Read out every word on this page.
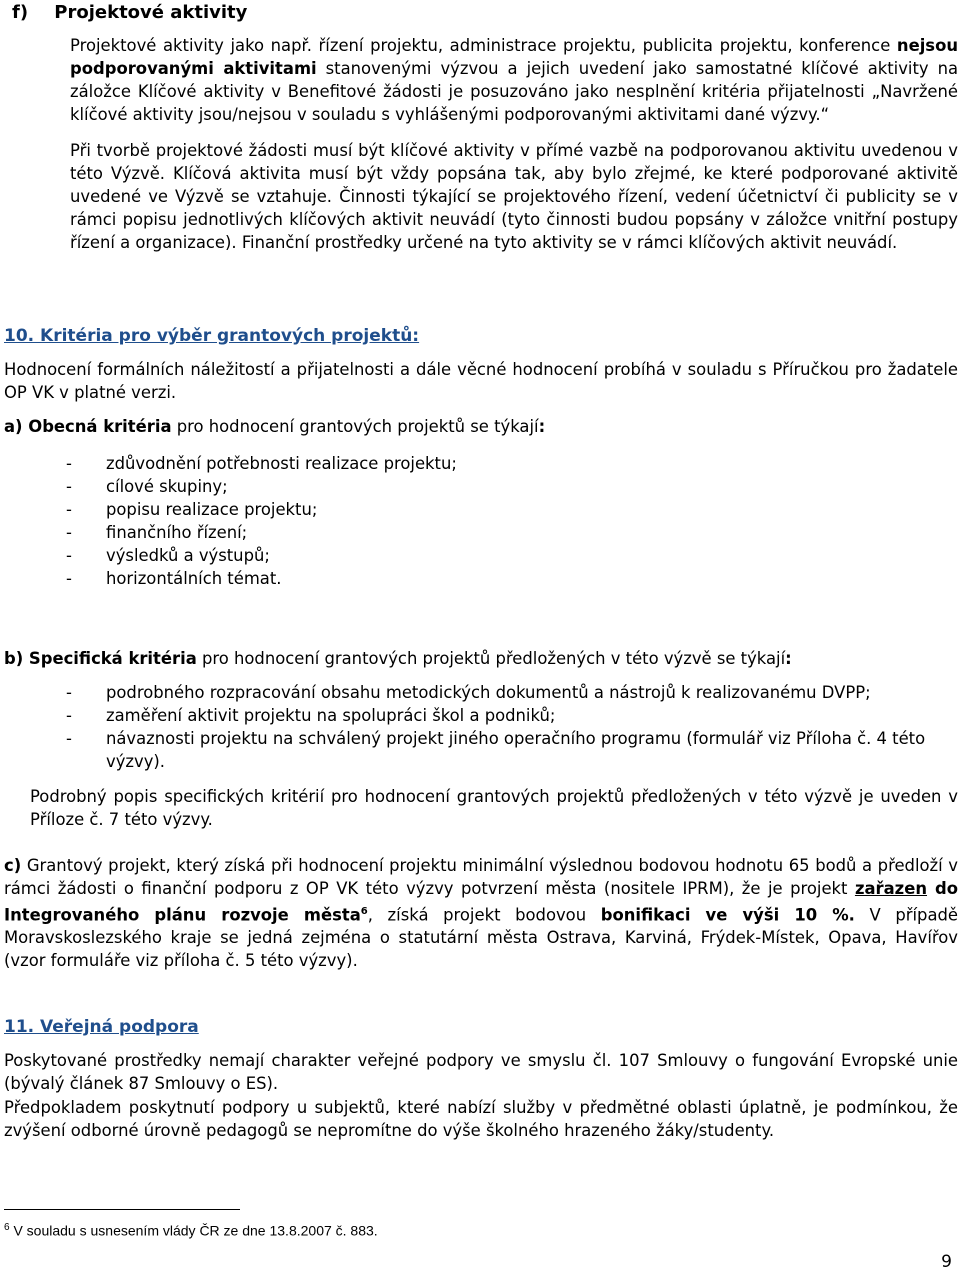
f) Projektové aktivity
Projektové aktivity jako např. řízení projektu, administrace projektu, publicita projektu, konference nejsou podporovanými aktivitami stanovenými výzvou a jejich uvedení jako samostatné klíčové aktivity na záložce Klíčové aktivity v Benefitové žádosti je posuzováno jako nesplnění kritéria přijatelnosti „Navržené klíčové aktivity jsou/nejsou v souladu s vyhlášenými podporovanými aktivitami dané výzvy.“
Při tvorbě projektové žádosti musí být klíčové aktivity v přímé vazbě na podporovanou aktivitu uvedenou v této Výzvě. Klíčová aktivita musí být vždy popsána tak, aby bylo zřejmé, ke které podporované aktivitě uvedené ve Výzvě se vztahuje. Činnosti týkající se projektového řízení, vedení účetnictví či publicity se v rámci popisu jednotlivých klíčových aktivit neuvádí (tyto činnosti budou popsány v záložce vnitřní postupy řízení a organizace). Finanční prostředky určené na tyto aktivity se v rámci klíčových aktivit neuvádí.
10. Kritéria pro výběr grantových projektů:
Hodnocení formálních náležitostí a přijatelnosti a dále věcné hodnocení probíhá v souladu s Příručkou pro žadatele OP VK v platné verzi.
a) Obecná kritéria pro hodnocení grantových projektů se týkají:
- zdůvodnění potřebnosti realizace projektu;
- cílové skupiny;
- popisu realizace projektu;
- finančního řízení;
- výsledků a výstupů;
- horizontálních témat.
b) Specifická kritéria pro hodnocení grantových projektů předložených v této výzvě se týkají:
- podrobného rozpracování obsahu metodických dokumentů a nástrojů k realizovanému DVPP;
- zaměření aktivit projektu na spolupráci škol a podniků;
- návaznosti projektu na schválený projekt jiného operačního programu (formulář viz Příloha č. 4 této výzvy).
Podrobný popis specifických kritérií pro hodnocení grantových projektů předložených v této výzvě je uveden v Příloze č. 7 této výzvy.
c) Grantový projekt, který získá při hodnocení projektu minimální výslednou bodovou hodnotu 65 bodů a předloží v rámci žádosti o finanční podporu z OP VK této výzvy potvrzení města (nositele IPRM), že je projekt zařazen do Integrovaného plánu rozvoje města$^6$, získá projekt bodovou bonifikaci ve výši 10 %. V případě Moravskoslezského kraje se jedná zejména o statutární města Ostrava, Karviná, Frýdek-Místek, Opava, Havířov (vzor formuláře viz příloha č. 5 této výzvy).
11. Veřejná podpora
Poskytované prostředky nemají charakter veřejné podpory ve smyslu čl. 107 Smlouvy o fungování Evropské unie (bývalý článek 87 Smlouvy o ES).
Předpokladem poskytnutí podpory u subjektů, které nabízí služby v předmětné oblasti úplatně, je podmínkou, že zvýšení odborné úrovně pedagogů se nepromítne do výše školného hrazeného žáky/studenty.
$^6$ V souladu s usnesením vlády ČR ze dne 13.8.2007 č. 883.
9
